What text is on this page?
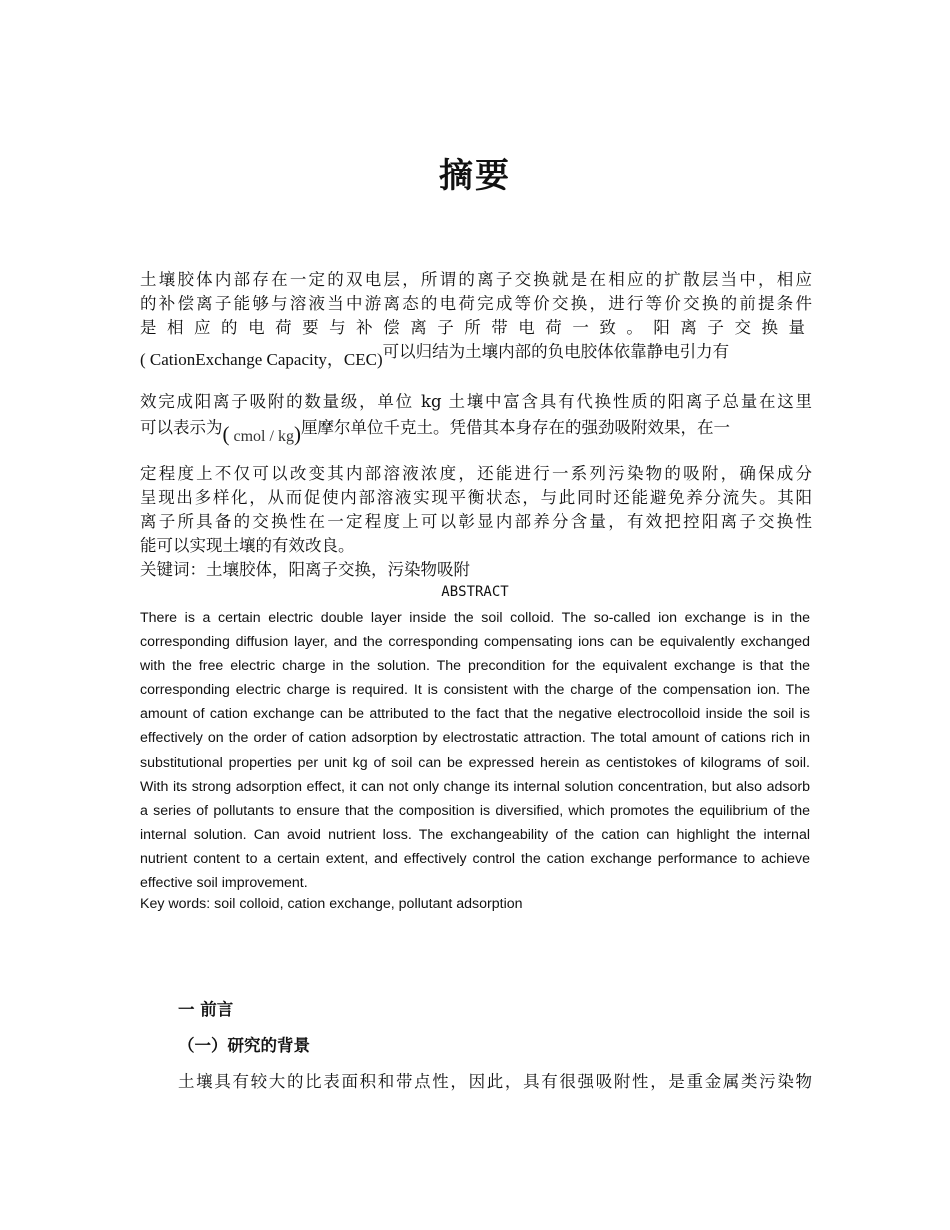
摘要
土壤胶体内部存在一定的双电层，所谓的离子交换就是在相应的扩散层当中，相应
的补偿离子能够与溶液当中游离态的电荷完成等价交换，进行等价交换的前提条件
是相应的电荷要与补偿离子所带电荷一致。阳离子交换量
( CationExchange Capacity，CEC)可以归结为土壤内部的负电胶体依靠静电引力有
效完成阳离子吸附的数量级，单位 kg 土壤中富含具有代换性质的阳离子总量在这里
可以表示为( cmol / kg)厘摩尔单位千克土。凭借其本身存在的强劲吸附效果，在一
定程度上不仅可以改变其内部溶液浓度，还能进行一系列污染物的吸附，确保成分
呈现出多样化，从而促使内部溶液实现平衡状态，与此同时还能避免养分流失。其阳
离子所具备的交换性在一定程度上可以彰显内部养分含量，有效把控阳离子交换性
能可以实现土壤的有效改良。
关键词：土壤胶体，阳离子交换，污染物吸附
ABSTRACT
There is a certain electric double layer inside the soil colloid. The so-called ion exchange is in the corresponding diffusion layer, and the corresponding compensating ions can be equivalently exchanged with the free electric charge in the solution. The precondition for the equivalent exchange is that the corresponding electric charge is required. It is consistent with the charge of the compensation ion. The amount of cation exchange can be attributed to the fact that the negative electrocolloid inside the soil is effectively on the order of cation adsorption by electrostatic attraction. The total amount of cations rich in substitutional properties per unit kg of soil can be expressed herein as centistokes of kilograms of soil. With its strong adsorption effect, it can not only change its internal solution concentration, but also adsorb a series of pollutants to ensure that the composition is diversified, which promotes the equilibrium of the internal solution. Can avoid nutrient loss. The exchangeability of the cation can highlight the internal nutrient content to a certain extent, and effectively control the cation exchange performance to achieve effective soil improvement.
Key words: soil colloid, cation exchange, pollutant adsorption
一 前言
（一）研究的背景
土壤具有较大的比表面积和带点性，因此，具有很强吸附性，是重金属类污染物
